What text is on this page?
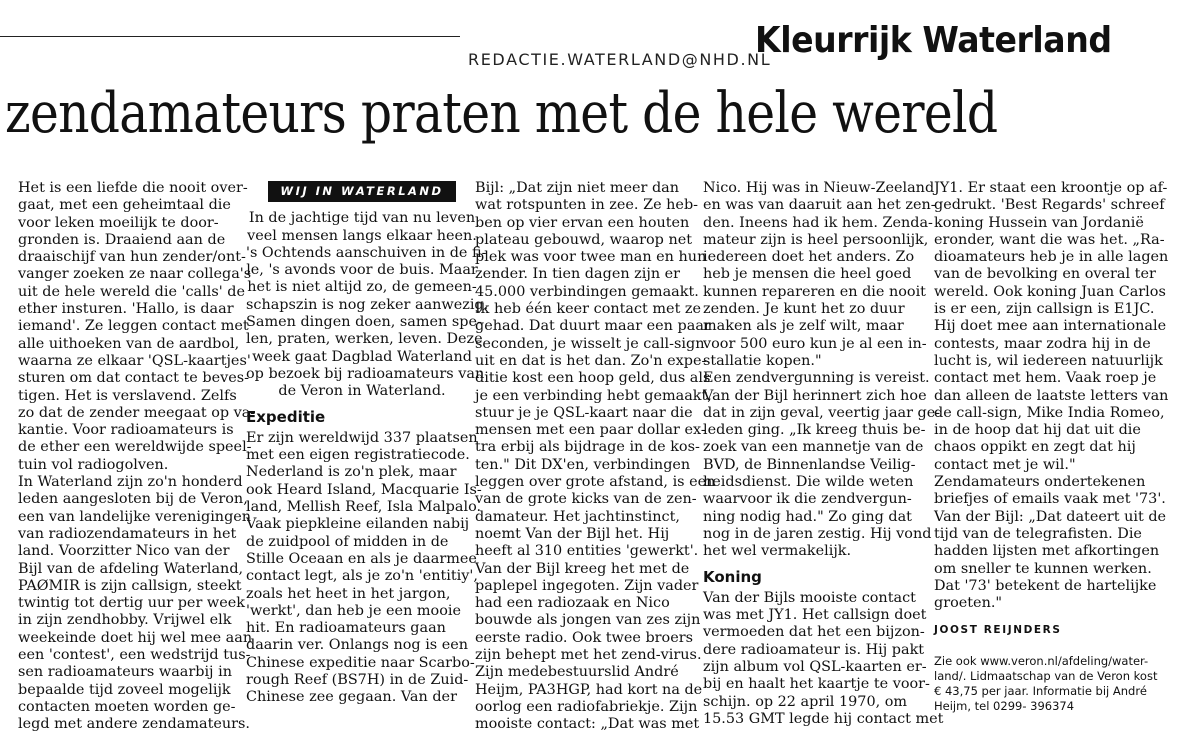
REDACTIE.WATERLAND@NHD.NL
Kleurrijk Waterland
zendamateurs praten met de hele wereld
Het is een liefde die nooit over-
gaat, met een geheimtaal die
voor leken moeilijk te door-
gronden is. Draaiend aan de
draaischijf van hun zender/ont-
vanger zoeken ze naar collega's
uit de hele wereld die 'calls' de
ether insturen. 'Hallo, is daar
iemand'. Ze leggen contact met
alle uithoeken van de aardbol,
waarna ze elkaar 'QSL-kaartjes'
sturen om dat contact te beves-
tigen. Het is verslavend. Zelfs
zo dat de zender meegaat op va-
kantie. Voor radioamateurs is
de ether een wereldwijde speel-
tuin vol radiogolven.
In Waterland zijn zo'n honderd
leden aangesloten bij de Veron,
een van landelijke verenigingen
van radiozendamateurs in het
land. Voorzitter Nico van der
Bijl van de afdeling Waterland,
PAØMIR is zijn callsign, steekt
twintig tot dertig uur per week
in zijn zendhobby. Vrijwel elk
weekeinde doet hij wel mee aan
een 'contest', een wedstrijd tus-
sen radioamateurs waarbij in
bepaalde tijd zoveel mogelijk
contacten moeten worden ge-
legd met andere zendamateurs.
WIJ IN WATERLAND
In de jachtige tijd van nu leven
veel mensen langs elkaar heen.
's Ochtends aanschuiven in de fi-
le, 's avonds voor de buis. Maar
het is niet altijd zo, de gemeen-
schapszin is nog zeker aanwezig.
Samen dingen doen, samen spe-
len, praten, werken, leven. Deze
week gaat Dagblad Waterland
op bezoek bij radioamateurs van
de Veron in Waterland.
Expeditie
Er zijn wereldwijd 337 plaatsen
met een eigen registratiecode.
Nederland is zo'n plek, maar
ook Heard Island, Macquarie Is-
land, Mellish Reef, Isla Malpalo.
Vaak piepkleine eilanden nabij
de zuidpool of midden in de
Stille Oceaan en als je daarmee
contact legt, als je zo'n 'entitiy',
zoals het heet in het jargon,
'werkt', dan heb je een mooie
hit. En radioamateurs gaan
daarin ver. Onlangs nog is een
Chinese expeditie naar Scarbo-
rough Reef (BS7H) in de Zuid-
Chinese zee gegaan. Van der
Bijl: „Dat zijn niet meer dan
wat rotspunten in zee. Ze heb-
ben op vier ervan een houten
plateau gebouwd, waarop net
plek was voor twee man en hun
zender. In tien dagen zijn er
45.000 verbindingen gemaakt.
Ik heb één keer contact met ze
gehad. Dat duurt maar een paar
seconden, je wisselt je call-sign
uit en dat is het dan. Zo'n expe-
ditie kost een hoop geld, dus als
je een verbinding hebt gemaakt,
stuur je je QSL-kaart naar die
mensen met een paar dollar ex-
tra erbij als bijdrage in de kos-
ten." Dit DX'en, verbindingen
leggen over grote afstand, is een
van de grote kicks van de zen-
damateur. Het jachtinstinct,
noemt Van der Bijl het. Hij
heeft al 310 entities 'gewerkt'.
Van der Bijl kreeg het met de
paplepel ingegoten. Zijn vader
had een radiozaak en Nico
bouwde als jongen van zes zijn
eerste radio. Ook twee broers
zijn behept met het zend-virus.
Zijn medebestuurslid André
Heijm, PA3HGP, had kort na de
oorlog een radiofabriekje. Zijn
mooiste contact: „Dat was met
Nico. Hij was in Nieuw-Zeeland
en was van daaruit aan het zen-
den. Ineens had ik hem. Zenda-
mateur zijn is heel persoonlijk,
iedereen doet het anders. Zo
heb je mensen die heel goed
kunnen repareren en die nooit
zenden. Je kunt het zo duur
maken als je zelf wilt, maar
voor 500 euro kun je al een in-
stallatie kopen."
Een zendvergunning is vereist.
Van der Bijl herinnert zich hoe
dat in zijn geval, veertig jaar ge-
leden ging. „Ik kreeg thuis be-
zoek van een mannetje van de
BVD, de Binnenlandse Veilig-
heidsdienst. Die wilde weten
waarvoor ik die zendvergun-
ning nodig had." Zo ging dat
nog in de jaren zestig. Hij vond
het wel vermakelijk.
Koning
Van der Bijls mooiste contact
was met JY1. Het callsign doet
vermoeden dat het een bijzon-
dere radioamateur is. Hij pakt
zijn album vol QSL-kaarten er-
bij en haalt het kaartje te voor-
schijn. op 22 april 1970, om
15.53 GMT legde hij contact met
JY1. Er staat een kroontje op af-
gedrukt. 'Best Regards' schreef
koning Hussein van Jordanië
eronder, want die was het. „Ra-
dioamateurs heb je in alle lagen
van de bevolking en overal ter
wereld. Ook koning Juan Carlos
is er een, zijn callsign is E1JC.
Hij doet mee aan internationale
contests, maar zodra hij in de
lucht is, wil iedereen natuurlijk
contact met hem. Vaak roep je
dan alleen de laatste letters van
de call-sign, Mike India Romeo,
in de hoop dat hij dat uit die
chaos oppikt en zegt dat hij
contact met je wil."
Zendamateurs ondertekenen
briefjes of emails vaak met '73'.
Van der Bijl: „Dat dateert uit de
tijd van de telegrafisten. Die
hadden lijsten met afkortingen
om sneller te kunnen werken.
Dat '73' betekent de hartelijke
groeten."
JOOST REIJNDERS
Zie ook www.veron.nl/afdeling/water-
land/. Lidmaatschap van de Veron kost
€ 43,75 per jaar. Informatie bij André
Heijm, tel 0299- 396374
